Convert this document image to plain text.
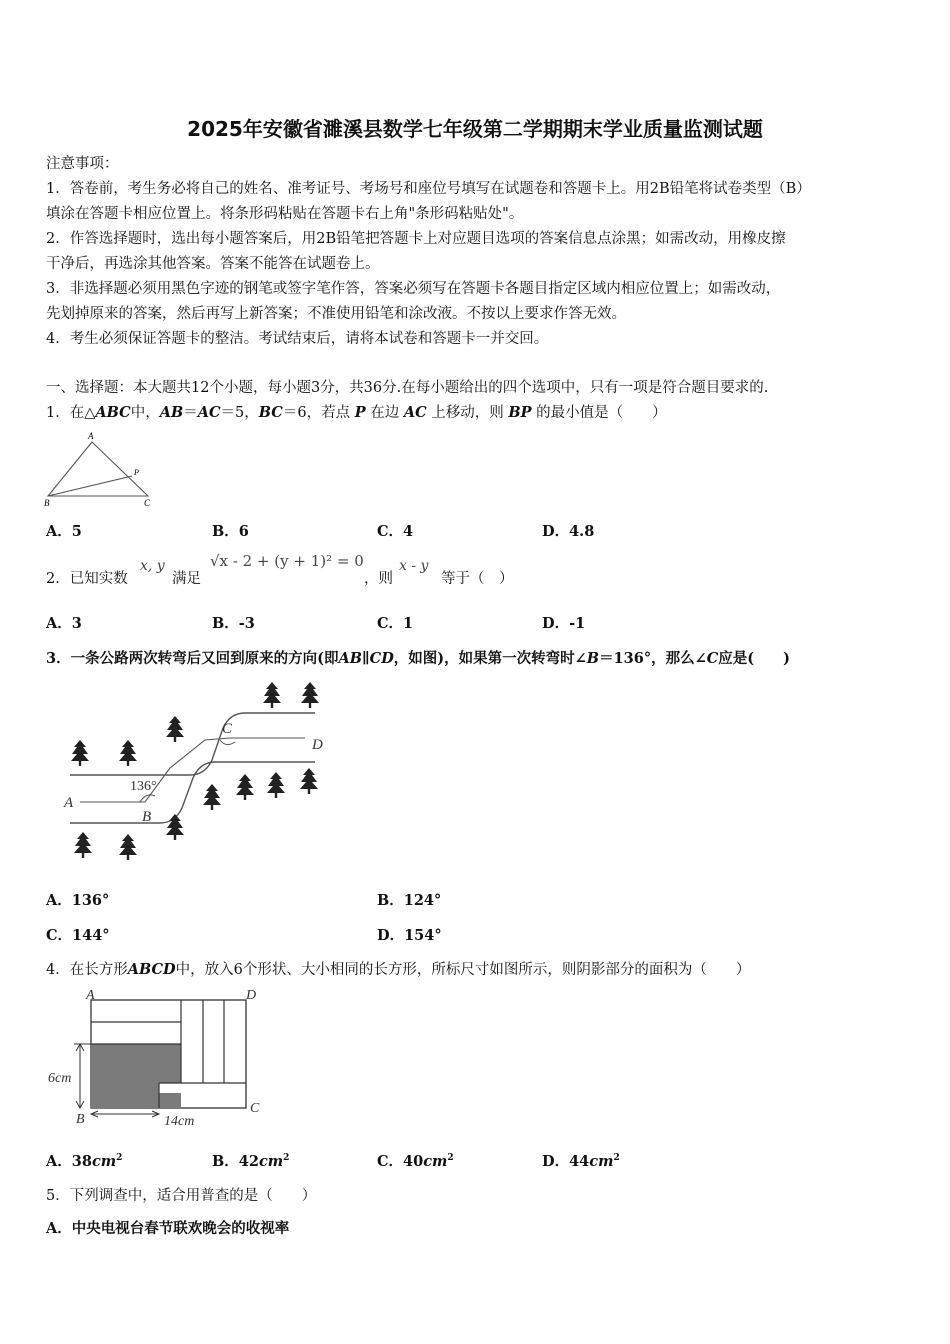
2025年安徽省濉溪县数学七年级第二学期期末学业质量监测试题
注意事项：
1．答卷前，考生务必将自己的姓名、准考证号、考场号和座位号填写在试题卷和答题卡上。用2B铅笔将试卷类型（B）
填涂在答题卡相应位置上。将条形码粘贴在答题卡右上角"条形码粘贴处"。
2．作答选择题时，选出每小题答案后，用2B铅笔把答题卡上对应题目选项的答案信息点涂黑；如需改动，用橡皮擦
干净后，再选涂其他答案。答案不能答在试题卷上。
3．非选择题必须用黑色字迹的钢笔或签字笔作答，答案必须写在答题卡各题目指定区域内相应位置上；如需改动，
先划掉原来的答案，然后再写上新答案；不准使用铅笔和涂改液。不按以上要求作答无效。
4．考生必须保证答题卡的整洁。考试结束后，请将本试卷和答题卡一并交回。
一、选择题：本大题共12个小题，每小题3分，共36分.在每小题给出的四个选项中，只有一项是符合题目要求的.
1．在△ABC中，AB＝AC＝5，BC＝6，若点 P 在边 AC 上移动，则 BP 的最小值是（　　）
A
B	C
P
A．5	B．6	C．4	D．4.8
2．已知实数
x, y
满足
√x - 2 + (y + 1)² = 0
，则
x - y
等于（　）
A．3	B．-3	C．1	D．-1
3．一条公路两次转弯后又回到原来的方向(即AB∥CD，如图)，如果第一次转弯时∠B＝136°，那么∠C应是(　　)
A
B
C
D
136°
A．136°	B．124°
C．144°	D．154°
4．在长方形ABCD中，放入6个形状、大小相同的长方形，所标尺寸如图所示，则阴影部分的面积为（　　）
A	D
B
C
6cm
14cm
A．$38cm^2$	B．$42cm^2$	C．$40cm^2$	D．$44cm^2$
5．下列调查中，适合用普查的是（　　）
A．中央电视台春节联欢晚会的收视率
